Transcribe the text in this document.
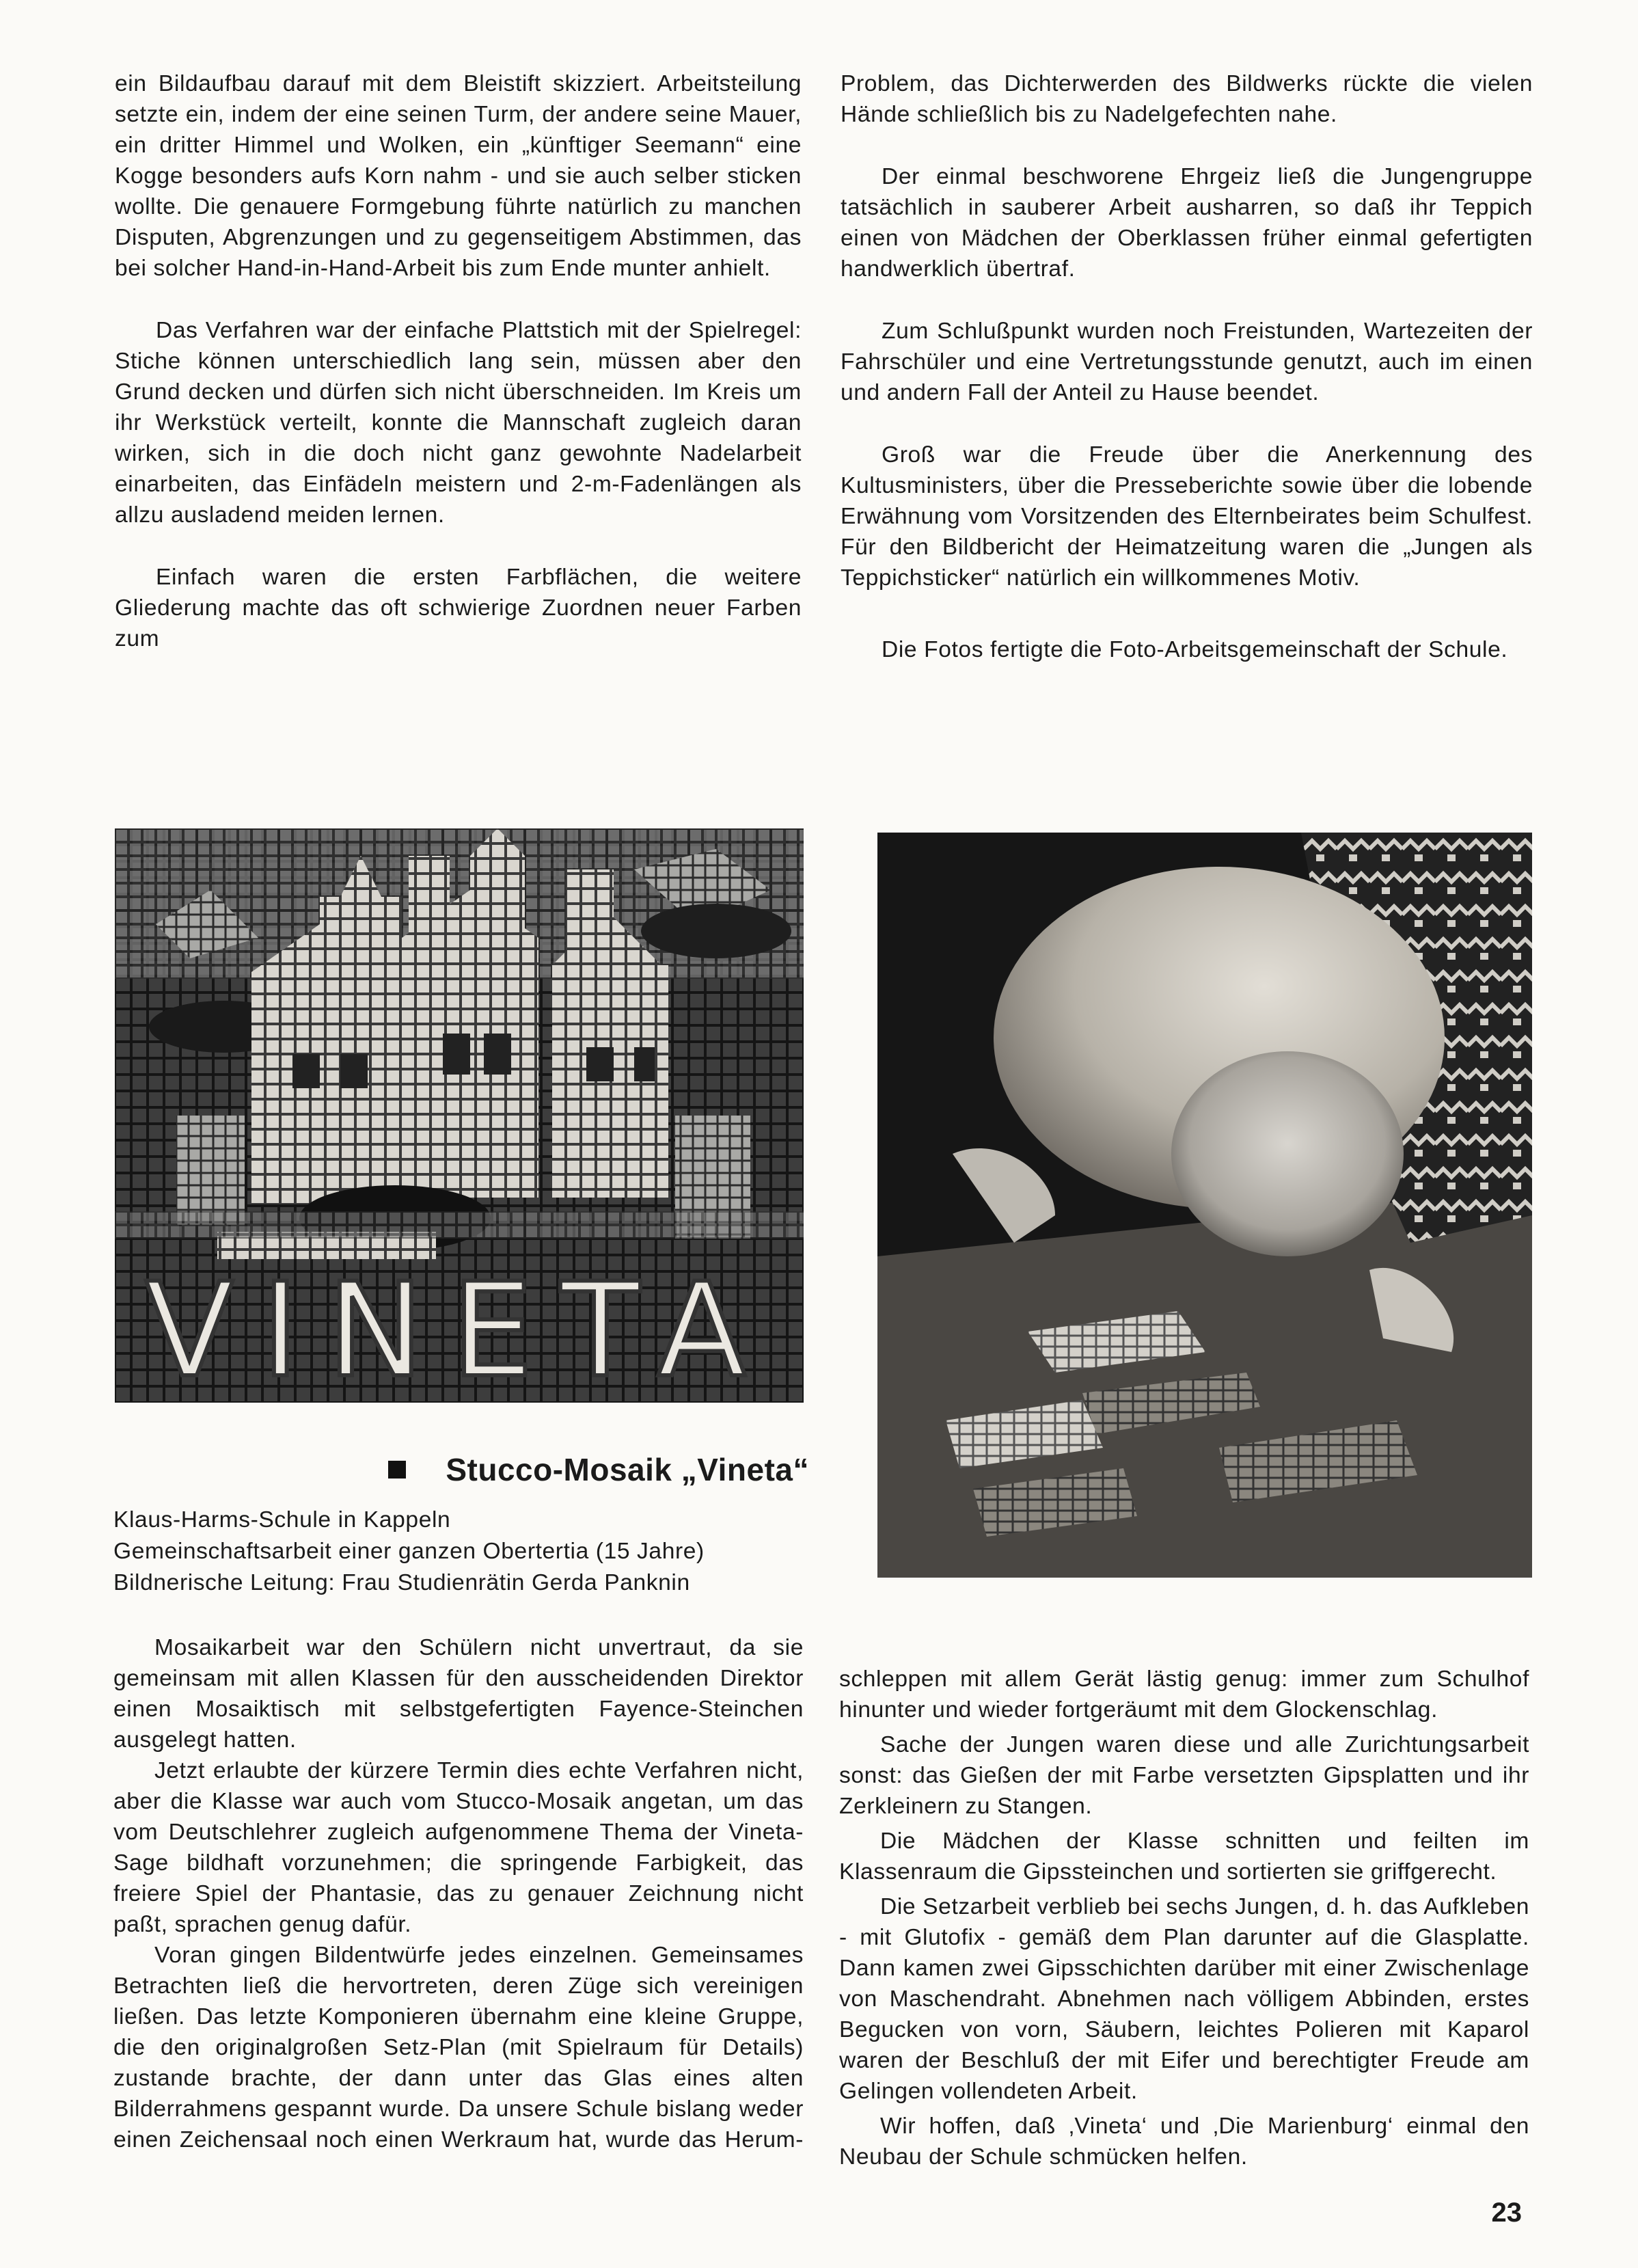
ein Bildaufbau darauf mit dem Bleistift skizziert. Arbeitsteilung setzte ein, indem der eine seinen Turm, der andere seine Mauer, ein dritter Himmel und Wolken, ein „künftiger Seemann“ eine Kogge besonders aufs Korn nahm - und sie auch selber sticken wollte. Die genauere Formgebung führte natürlich zu manchen Disputen, Abgrenzungen und zu gegenseitigem Abstimmen, das bei solcher Hand-in-Hand-Arbeit bis zum Ende munter anhielt.

Das Verfahren war der einfache Plattstich mit der Spielregel: Stiche können unterschiedlich lang sein, müssen aber den Grund decken und dürfen sich nicht überschneiden. Im Kreis um ihr Werkstück verteilt, konnte die Mannschaft zugleich daran wirken, sich in die doch nicht ganz gewohnte Nadelarbeit einarbeiten, das Einfädeln meistern und 2-m-Fadenlängen als allzu ausladend meiden lernen.

Einfach waren die ersten Farbflächen, die weitere Gliederung machte das oft schwierige Zuordnen neuer Farben zum

Problem, das Dichterwerden des Bildwerks rückte die vielen Hände schließlich bis zu Nadelgefechten nahe.

Der einmal beschworene Ehrgeiz ließ die Jungengruppe tatsächlich in sauberer Arbeit ausharren, so daß ihr Teppich einen von Mädchen der Oberklassen früher einmal gefertigten handwerklich übertraf.

Zum Schlußpunkt wurden noch Freistunden, Wartezeiten der Fahrschüler und eine Vertretungsstunde genutzt, auch im einen und andern Fall der Anteil zu Hause beendet.

Groß war die Freude über die Anerkennung des Kultusministers, über die Presseberichte sowie über die lobende Erwähnung vom Vorsitzenden des Elternbeirates beim Schulfest. Für den Bildbericht der Heimatzeitung waren die „Jungen als Teppichsticker“ natürlich ein willkommenes Motiv.

Die Fotos fertigte die Foto-Arbeitsgemeinschaft der Schule.

VINETA
Stucco-Mosaik „Vineta“
Klaus-Harms-Schule in Kappeln
Gemeinschaftsarbeit einer ganzen Obertertia (15 Jahre)
Bildnerische Leitung: Frau Studienrätin Gerda Panknin

Mosaikarbeit war den Schülern nicht unvertraut, da sie gemeinsam mit allen Klassen für den ausscheidenden Direktor einen Mosaiktisch mit selbstgefertigten Fayence-Steinchen ausgelegt hatten.

Jetzt erlaubte der kürzere Termin dies echte Verfahren nicht, aber die Klasse war auch vom Stucco-Mosaik angetan, um das vom Deutschlehrer zugleich aufgenommene Thema der Vineta-Sage bildhaft vorzunehmen; die springende Farbigkeit, das freiere Spiel der Phantasie, das zu genauer Zeichnung nicht paßt, sprachen genug dafür.

Voran gingen Bildentwürfe jedes einzelnen. Gemeinsames Betrachten ließ die hervortreten, deren Züge sich vereinigen ließen. Das letzte Komponieren übernahm eine kleine Gruppe, die den originalgroßen Setz-Plan (mit Spielraum für Details) zustande brachte, der dann unter das Glas eines alten Bilderrahmens gespannt wurde. Da unsere Schule bislang weder einen Zeichensaal noch einen Werkraum hat, wurde das Herum-

schleppen mit allem Gerät lästig genug: immer zum Schulhof hinunter und wieder fortgeräumt mit dem Glockenschlag.

Sache der Jungen waren diese und alle Zurichtungsarbeit sonst: das Gießen der mit Farbe versetzten Gipsplatten und ihr Zerkleinern zu Stangen.

Die Mädchen der Klasse schnitten und feilten im Klassenraum die Gipssteinchen und sortierten sie griffgerecht.

Die Setzarbeit verblieb bei sechs Jungen, d. h. das Aufkleben - mit Glutofix - gemäß dem Plan darunter auf die Glasplatte. Dann kamen zwei Gipsschichten darüber mit einer Zwischenlage von Maschendraht. Abnehmen nach völligem Abbinden, erstes Begucken von vorn, Säubern, leichtes Polieren mit Kaparol waren der Beschluß der mit Eifer und berechtigter Freude am Gelingen vollendeten Arbeit.

Wir hoffen, daß ‚Vineta‘ und ‚Die Marienburg‘ einmal den Neubau der Schule schmücken helfen.

23
